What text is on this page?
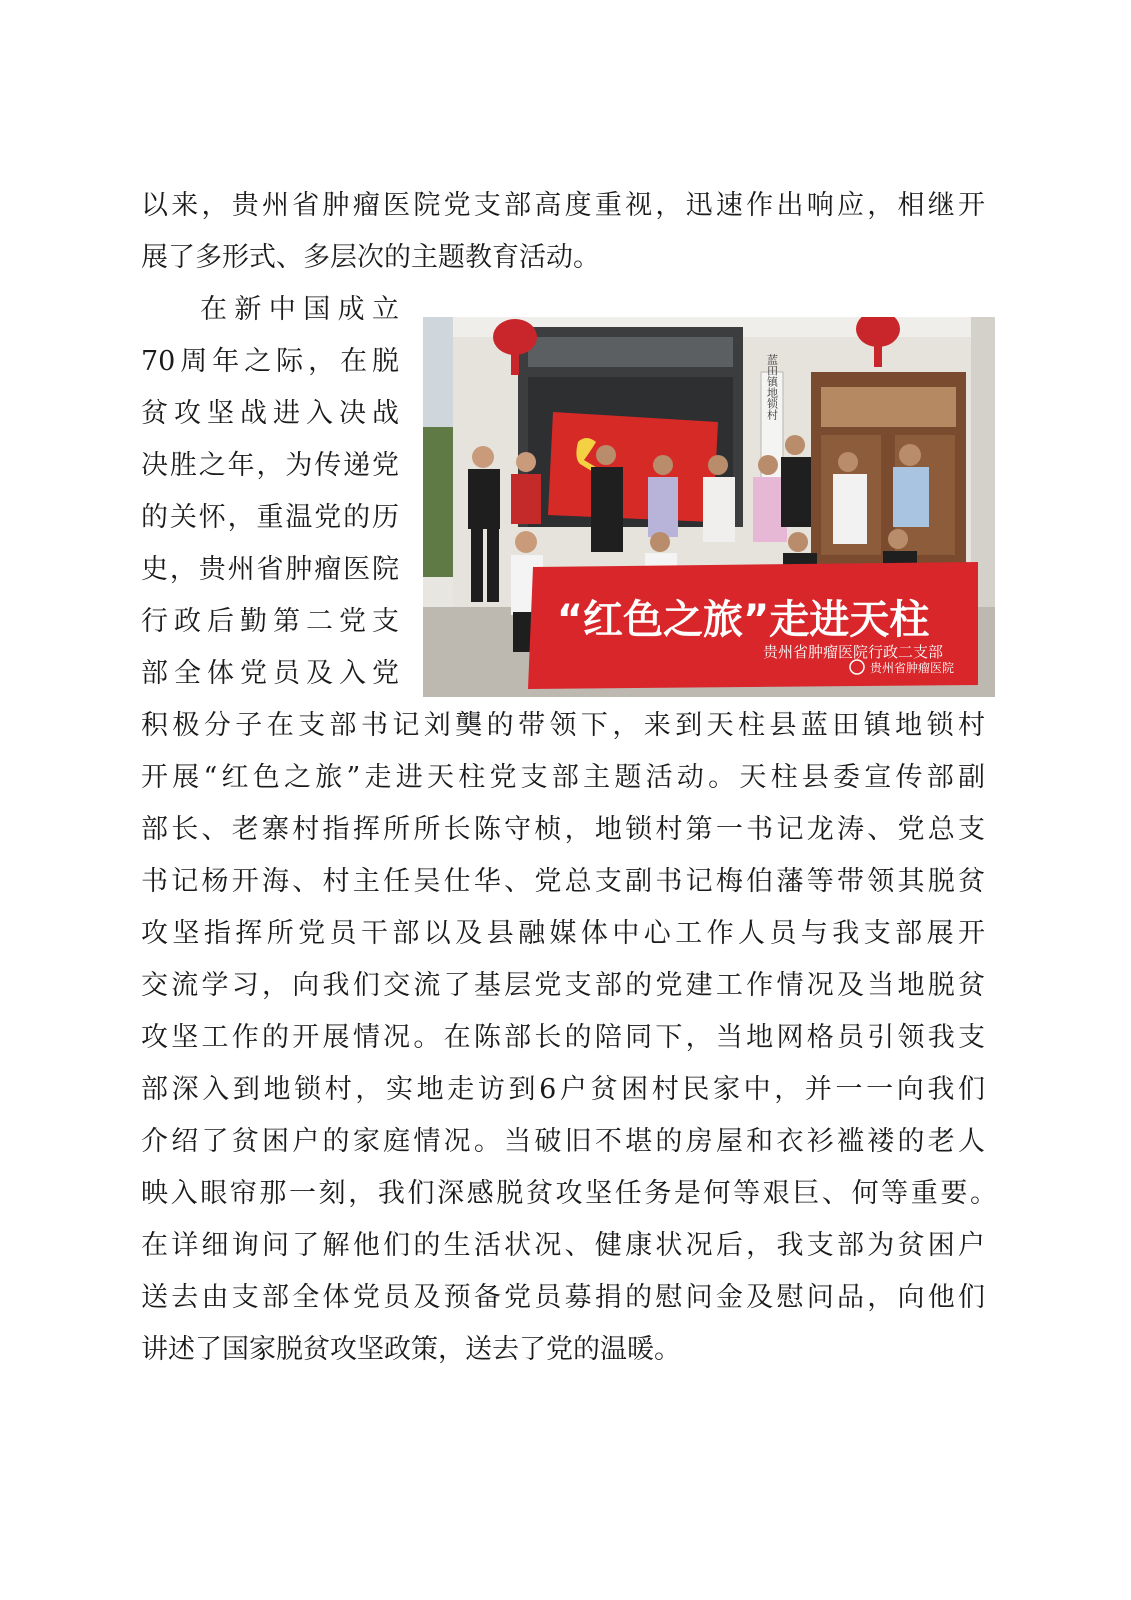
以来，贵州省肿瘤医院党支部高度重视，迅速作出响应，相继开
展了多形式、多层次的主题教育活动。
在新中国成立
70周年之际，在脱
贫攻坚战进入决战
决胜之年，为传递党
的关怀，重温党的历
史，贵州省肿瘤医院
行政后勤第二党支
部全体党员及入党
蓝田镇地锁村
“红色之旅”走进天柱
贵州省肿瘤医院行政二支部
贵州省肿瘤医院
积极分子在支部书记刘龑的带领下，来到天柱县蓝田镇地锁村
开展“红色之旅”走进天柱党支部主题活动。天柱县委宣传部副
部长、老寨村指挥所所长陈守桢，地锁村第一书记龙涛、党总支
书记杨开海、村主任吴仕华、党总支副书记梅伯藩等带领其脱贫
攻坚指挥所党员干部以及县融媒体中心工作人员与我支部展开
交流学习，向我们交流了基层党支部的党建工作情况及当地脱贫
攻坚工作的开展情况。在陈部长的陪同下，当地网格员引领我支
部深入到地锁村，实地走访到6户贫困村民家中，并一一向我们
介绍了贫困户的家庭情况。当破旧不堪的房屋和衣衫褴褛的老人
映入眼帘那一刻，我们深感脱贫攻坚任务是何等艰巨、何等重要。
在详细询问了解他们的生活状况、健康状况后，我支部为贫困户
送去由支部全体党员及预备党员募捐的慰问金及慰问品，向他们
讲述了国家脱贫攻坚政策，送去了党的温暖。
